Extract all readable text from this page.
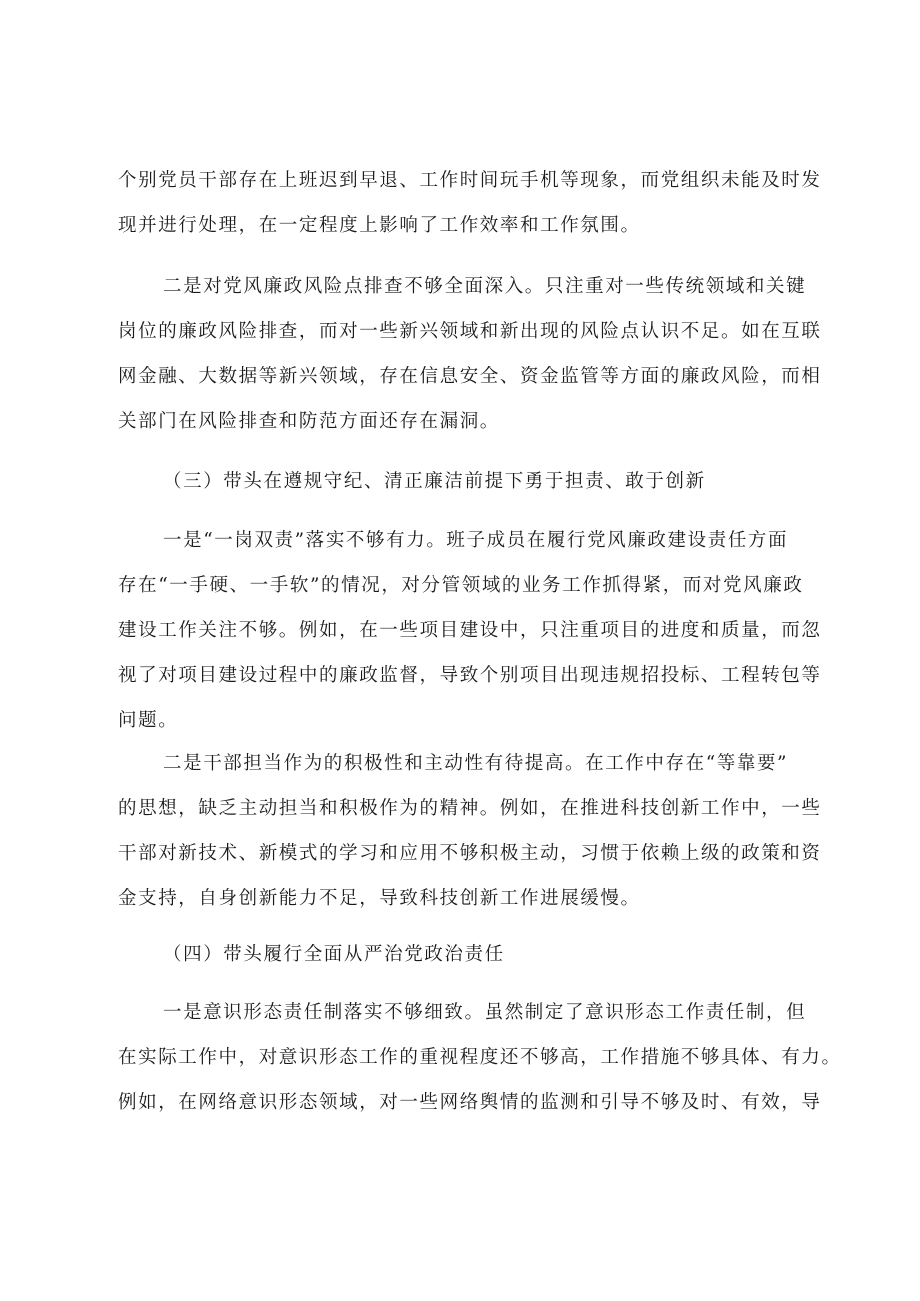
个别党员干部存在上班迟到早退、工作时间玩手机等现象，而党组织未能及时发
现并进行处理，在一定程度上影响了工作效率和工作氛围。

二是对党风廉政风险点排查不够全面深入。只注重对一些传统领域和关键
岗位的廉政风险排查，而对一些新兴领域和新出现的风险点认识不足。如在互联
网金融、大数据等新兴领域，存在信息安全、资金监管等方面的廉政风险，而相
关部门在风险排查和防范方面还存在漏洞。

（三）带头在遵规守纪、清正廉洁前提下勇于担责、敢于创新

一是“一岗双责”落实不够有力。班子成员在履行党风廉政建设责任方面
存在“一手硬、一手软”的情况，对分管领域的业务工作抓得紧，而对党风廉政
建设工作关注不够。例如，在一些项目建设中，只注重项目的进度和质量，而忽
视了对项目建设过程中的廉政监督，导致个别项目出现违规招投标、工程转包等
问题。

二是干部担当作为的积极性和主动性有待提高。在工作中存在“等靠要”
的思想，缺乏主动担当和积极作为的精神。例如，在推进科技创新工作中，一些
干部对新技术、新模式的学习和应用不够积极主动，习惯于依赖上级的政策和资
金支持，自身创新能力不足，导致科技创新工作进展缓慢。

（四）带头履行全面从严治党政治责任

一是意识形态责任制落实不够细致。虽然制定了意识形态工作责任制，但
在实际工作中，对意识形态工作的重视程度还不够高，工作措施不够具体、有力。
例如，在网络意识形态领域，对一些网络舆情的监测和引导不够及时、有效，导
